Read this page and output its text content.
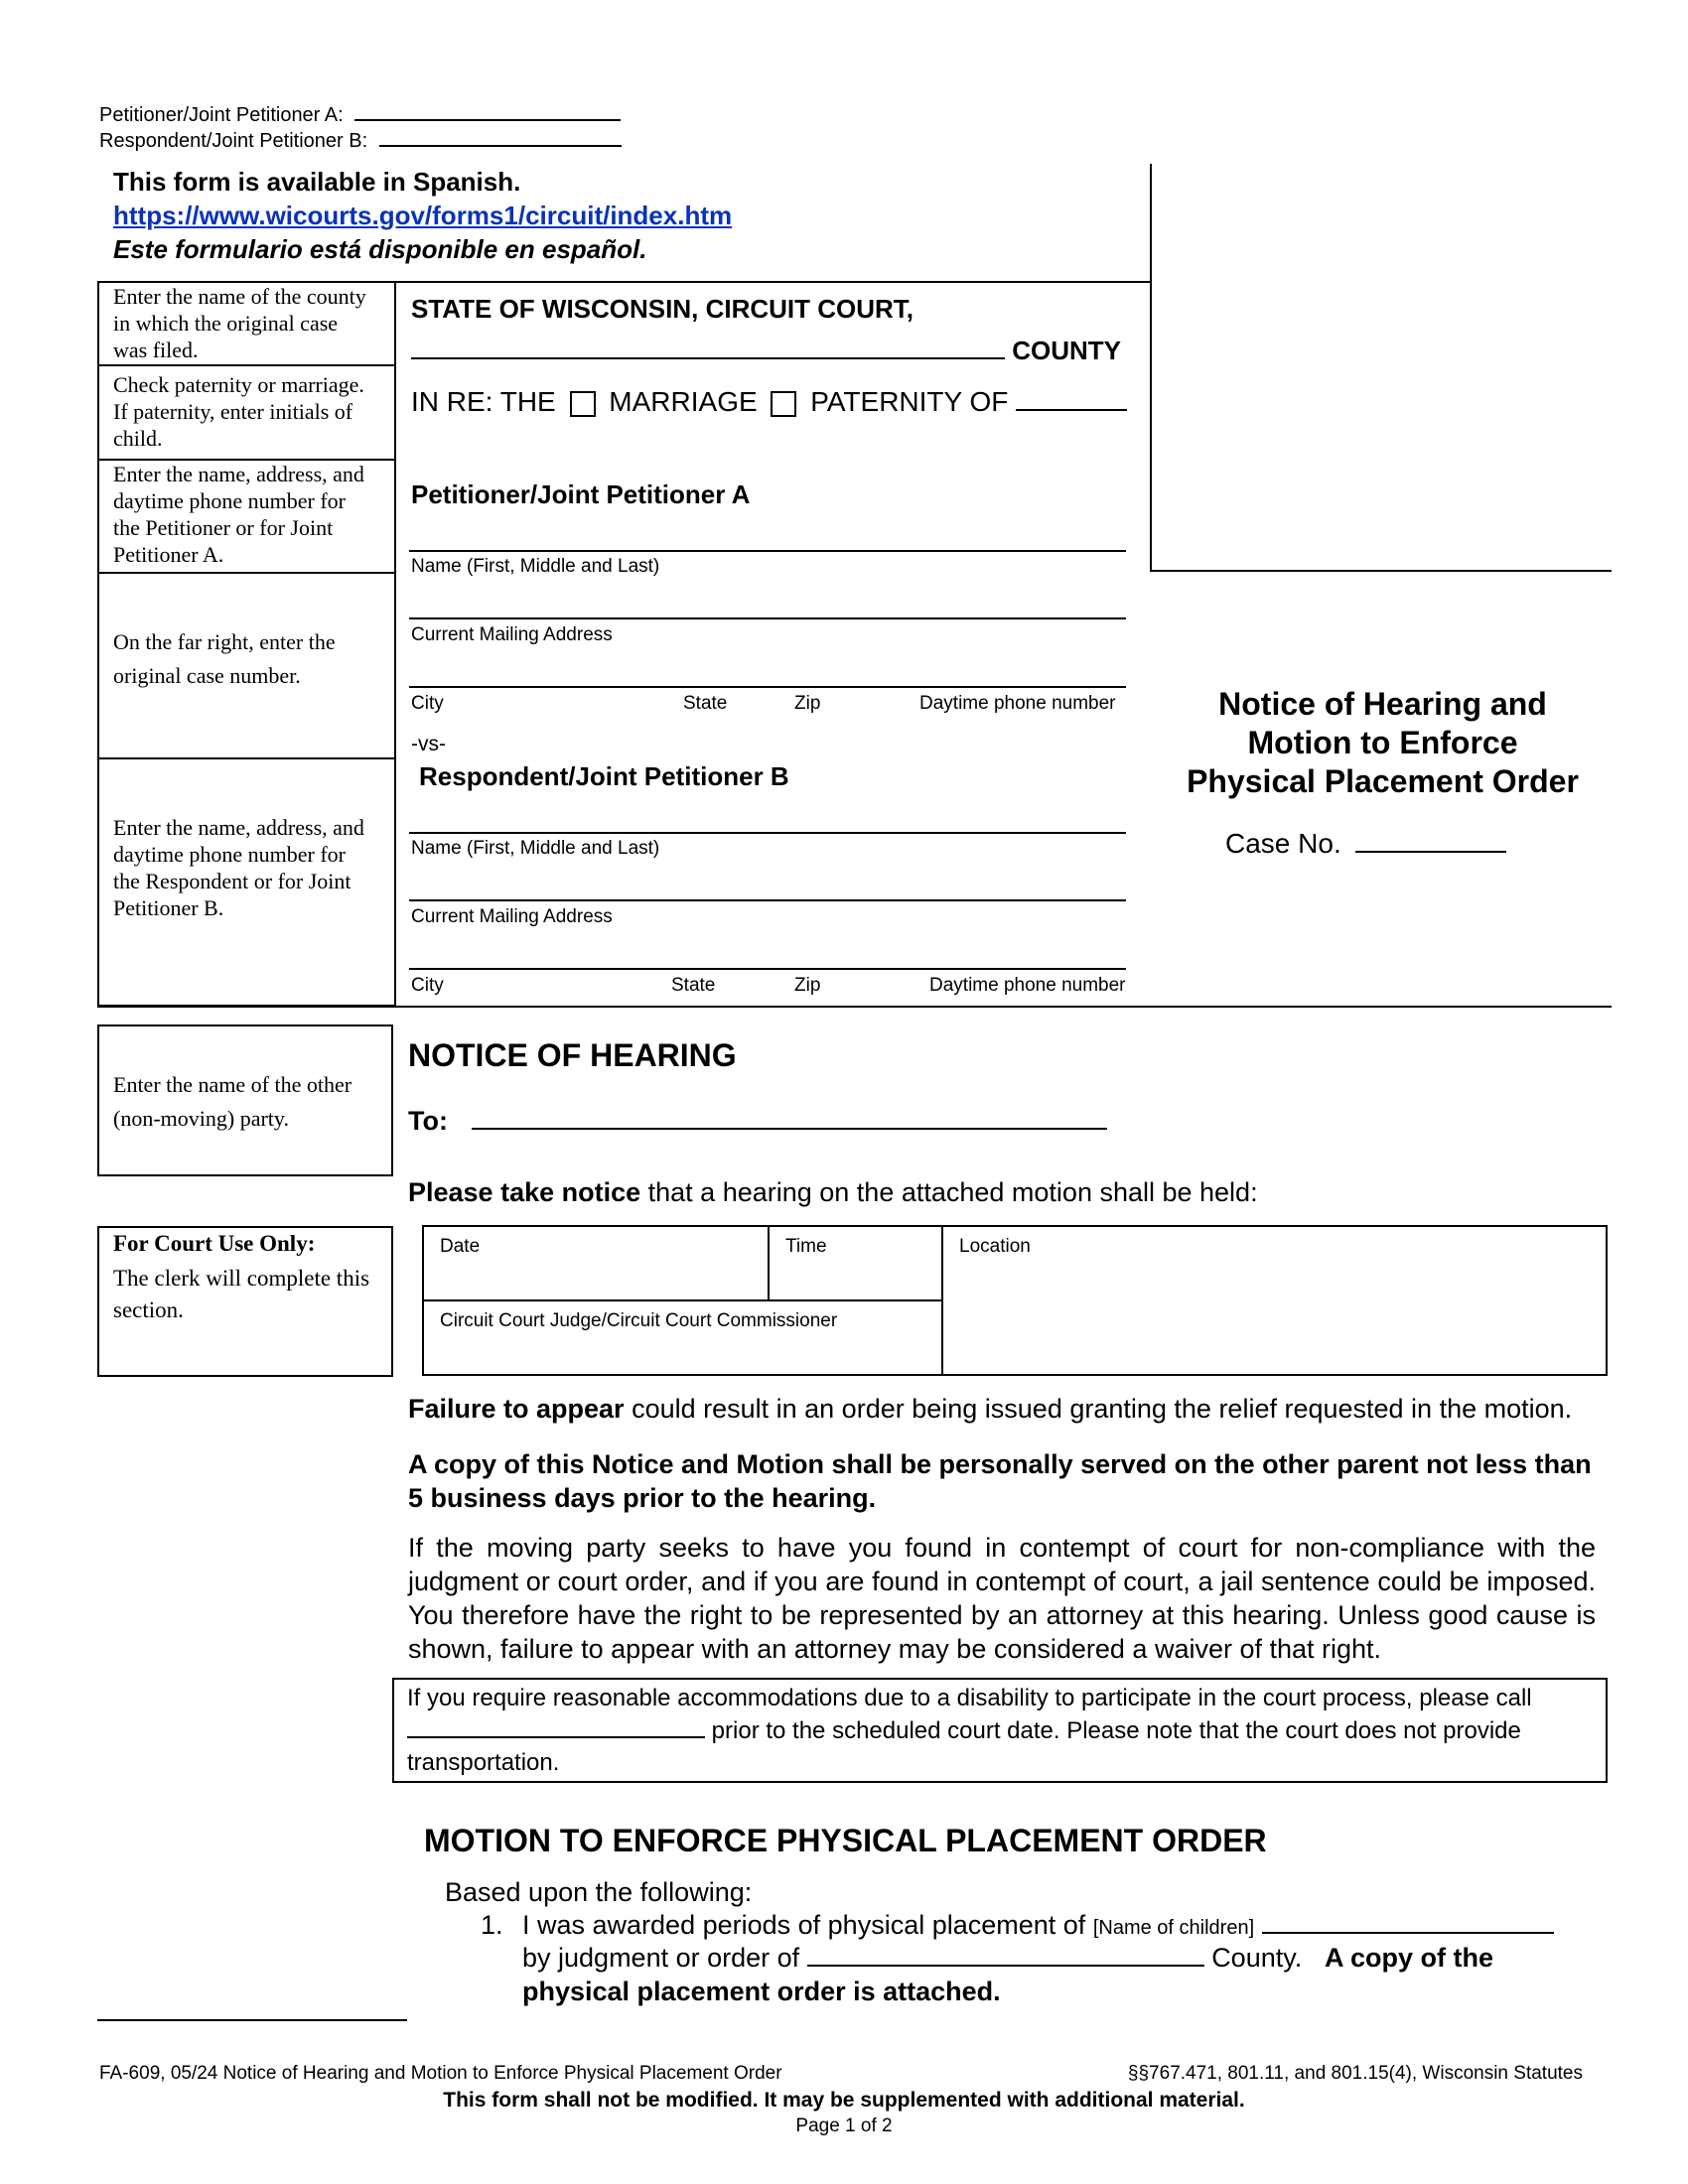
Petitioner/Joint Petitioner A:
Respondent/Joint Petitioner B:
This form is available in Spanish.
https://www.wicourts.gov/forms1/circuit/index.htm
Este formulario está disponible en español.
Enter the name of the county in which the original case was filed.
Check paternity or marriage. If paternity, enter initials of child.
Enter the name, address, and daytime phone number for the Petitioner or for Joint Petitioner A.
On the far right, enter the original case number.
Enter the name, address, and daytime phone number for the Respondent or for Joint Petitioner B.
STATE OF WISCONSIN, CIRCUIT COURT,
COUNTY
IN RE: THE MARRIAGE PATERNITY OF
Petitioner/Joint Petitioner A
Name (First, Middle and Last)
Current Mailing Address
City	State	Zip	Daytime phone number
-vs-
Respondent/Joint Petitioner B
Name (First, Middle and Last)
Current Mailing Address
City	State	Zip	Daytime phone number
Notice of Hearing and
Motion to Enforce
Physical Placement Order
Case No.
Enter the name of the other (non-moving) party.
NOTICE OF HEARING
To:
Please take notice that a hearing on the attached motion shall be held:
For Court Use Only:
The clerk will complete this section.
Date	Time	Location
Circuit Court Judge/Circuit Court Commissioner
Failure to appear could result in an order being issued granting the relief requested in the motion.
A copy of this Notice and Motion shall be personally served on the other parent not less than 5 business days prior to the hearing.
If the moving party seeks to have you found in contempt of court for non-compliance with the judgment or court order, and if you are found in contempt of court, a jail sentence could be imposed. You therefore have the right to be represented by an attorney at this hearing. Unless good cause is shown, failure to appear with an attorney may be considered a waiver of that right.
If you require reasonable accommodations due to a disability to participate in the court process, please call
prior to the scheduled court date. Please note that the court does not provide
transportation.
MOTION TO ENFORCE PHYSICAL PLACEMENT ORDER
Based upon the following:
1. I was awarded periods of physical placement of [Name of children]
by judgment or order of	County. A copy of the physical placement order is attached.
FA-609, 05/24 Notice of Hearing and Motion to Enforce Physical Placement Order	§§767.471, 801.11, and 801.15(4), Wisconsin Statutes
This form shall not be modified. It may be supplemented with additional material.
Page 1 of 2
